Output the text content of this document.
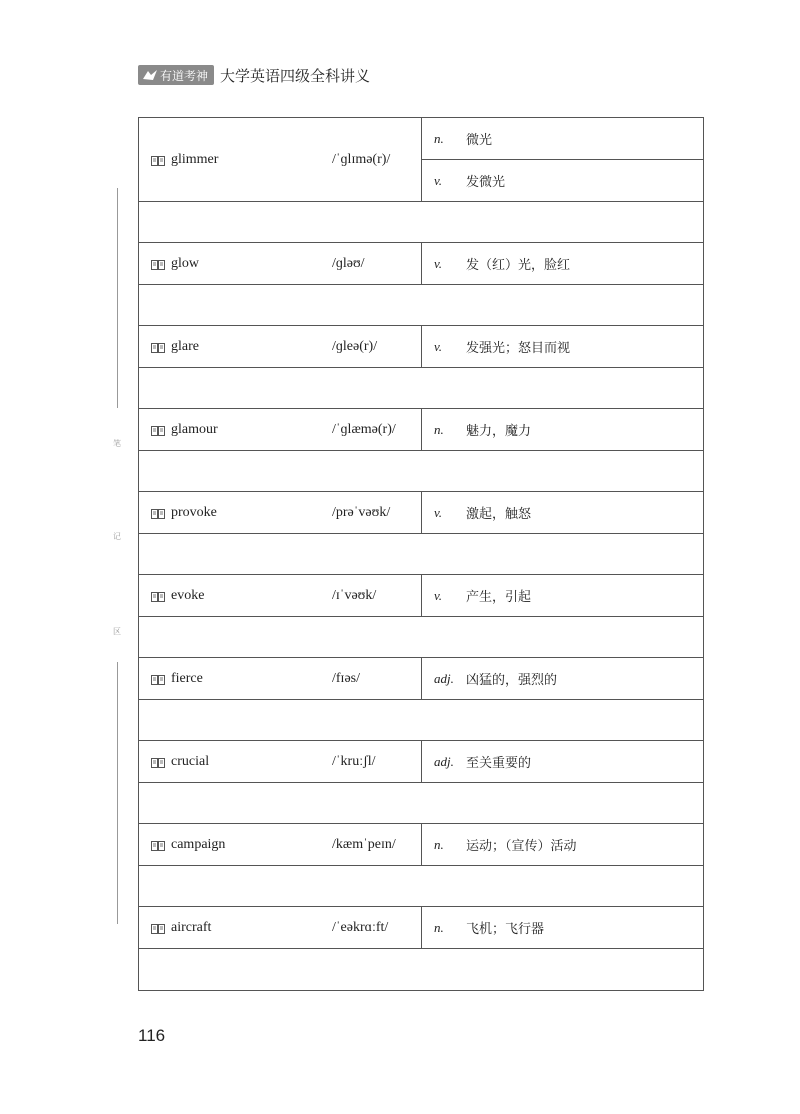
有道考神 大学英语四级全科讲义
笔
记
区
glimmer	/ˈɡlɪmə(r)/
n.	微光
v.	发微光
glow	/ɡləʊ/	v.	发（红）光，脸红
glare	/ɡleə(r)/	v.	发强光；怒目而视
glamour	/ˈɡlæmə(r)/	n.	魅力，魔力
provoke	/prəˈvəʊk/	v.	激起，触怒
evoke	/ɪˈvəʊk/	v.	产生，引起
fierce	/fɪəs/	adj. 凶猛的，强烈的
crucial	/ˈkruːʃl/	adj. 至关重要的
campaign	/kæmˈpeɪn/	n.	运动；（宣传）活动
aircraft	/ˈeəkrɑːft/	n.	飞机；飞行器
116
